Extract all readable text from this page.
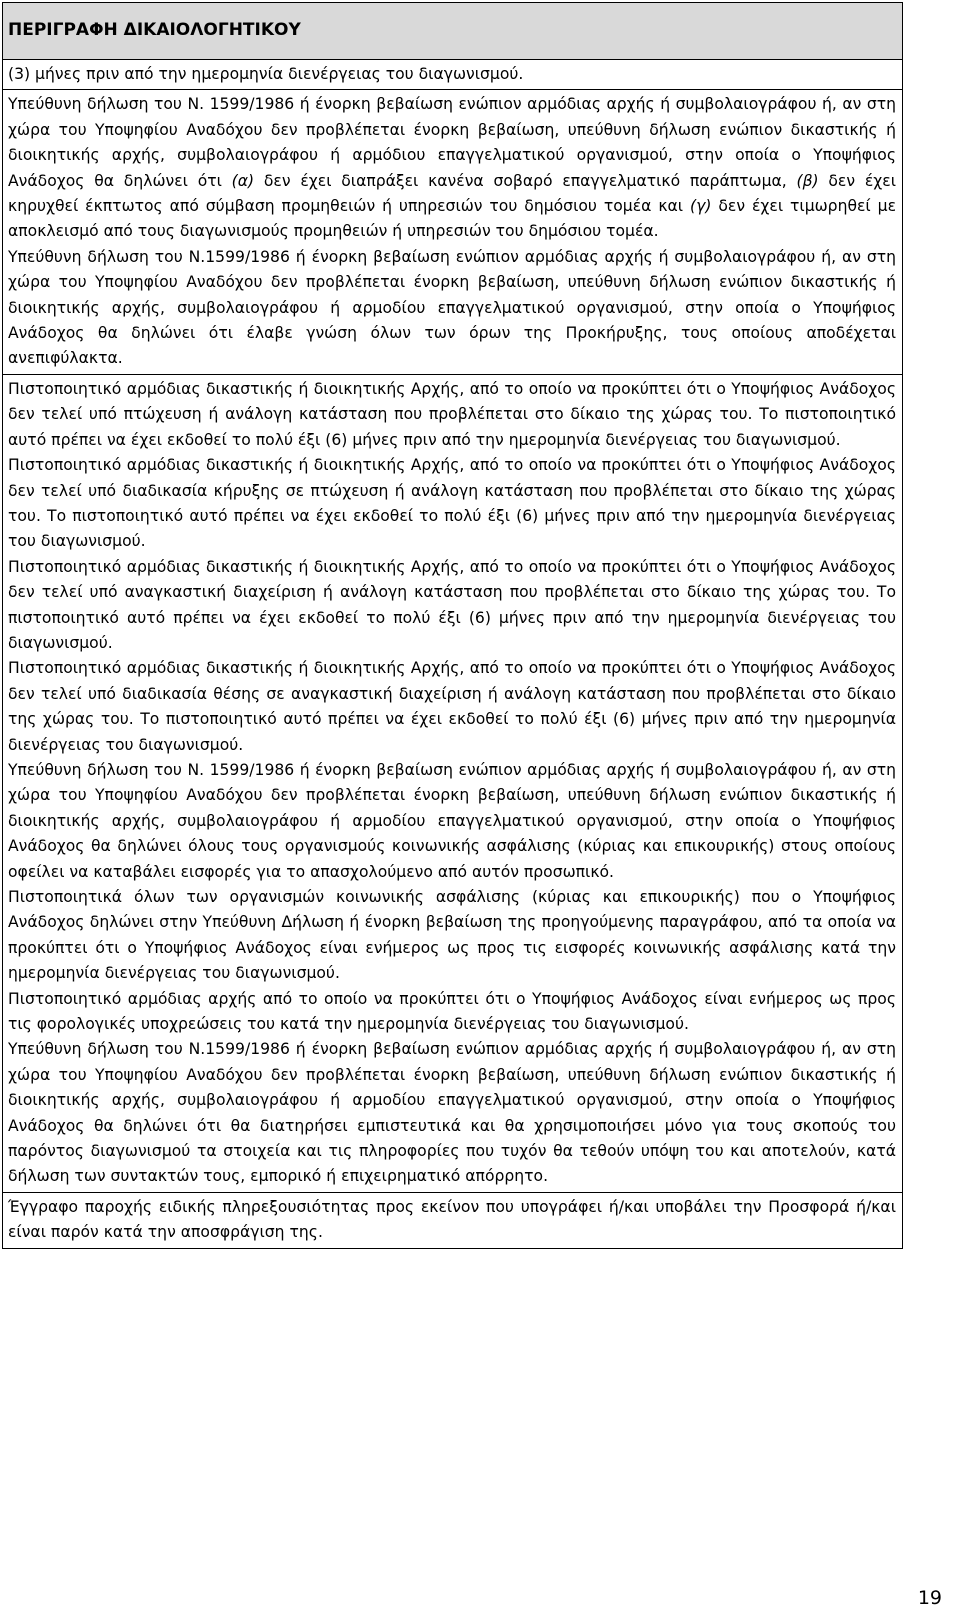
ΠΕΡΙΓΡΑΦΗ ΔΙΚΑΙΟΛΟΓΗΤΙΚΟΥ
(3) μήνες πριν από την ημερομηνία διενέργειας του διαγωνισμού.

Υπεύθυνη δήλωση του Ν. 1599/1986 ή ένορκη βεβαίωση ενώπιον αρμόδιας αρχής ή συμβολαιογράφου ή, αν στη χώρα του Υποψηφίου Αναδόχου δεν προβλέπεται ένορκη βεβαίωση, υπεύθυνη δήλωση ενώπιον δικαστικής ή διοικητικής αρχής, συμβολαιογράφου ή αρμόδιου επαγγελματικού οργανισμού, στην οποία ο Υποψήφιος Ανάδοχος θα δηλώνει ότι (α) δεν έχει διαπράξει κανένα σοβαρό επαγγελματικό παράπτωμα, (β) δεν έχει κηρυχθεί έκπτωτος από σύμβαση προμηθειών ή υπηρεσιών του δημόσιου τομέα και (γ) δεν έχει τιμωρηθεί με αποκλεισμό από τους διαγωνισμούς προμηθειών ή υπηρεσιών του δημόσιου τομέα.
Υπεύθυνη δήλωση του Ν.1599/1986 ή ένορκη βεβαίωση ενώπιον αρμόδιας αρχής ή συμβολαιογράφου ή, αν στη χώρα του Υποψηφίου Αναδόχου δεν προβλέπεται ένορκη βεβαίωση, υπεύθυνη δήλωση ενώπιον δικαστικής ή διοικητικής αρχής, συμβολαιογράφου ή αρμοδίου επαγγελματικού οργανισμού, στην οποία ο Υποψήφιος Ανάδοχος θα δηλώνει ότι έλαβε γνώση όλων των όρων της Προκήρυξης, τους οποίους αποδέχεται ανεπιφύλακτα.

Πιστοποιητικό αρμόδιας δικαστικής ή διοικητικής Αρχής, από το οποίο να προκύπτει ότι ο Υποψήφιος Ανάδοχος δεν τελεί υπό πτώχευση ή ανάλογη κατάσταση που προβλέπεται στο δίκαιο της χώρας του. Το πιστοποιητικό αυτό πρέπει να έχει εκδοθεί το πολύ έξι (6) μήνες πριν από την ημερομηνία διενέργειας του διαγωνισμού.
Πιστοποιητικό αρμόδιας δικαστικής ή διοικητικής Αρχής, από το οποίο να προκύπτει ότι ο Υποψήφιος Ανάδοχος δεν τελεί υπό διαδικασία κήρυξης σε πτώχευση ή ανάλογη κατάσταση που προβλέπεται στο δίκαιο της χώρας του. Το πιστοποιητικό αυτό πρέπει να έχει εκδοθεί το πολύ έξι (6) μήνες πριν από την ημερομηνία διενέργειας του διαγωνισμού.
Πιστοποιητικό αρμόδιας δικαστικής ή διοικητικής Αρχής, από το οποίο να προκύπτει ότι ο Υποψήφιος Ανάδοχος δεν τελεί υπό αναγκαστική διαχείριση ή ανάλογη κατάσταση που προβλέπεται στο δίκαιο της χώρας του. Το πιστοποιητικό αυτό πρέπει να έχει εκδοθεί το πολύ έξι (6) μήνες πριν από την ημερομηνία διενέργειας του διαγωνισμού.
Πιστοποιητικό αρμόδιας δικαστικής ή διοικητικής Αρχής, από το οποίο να προκύπτει ότι ο Υποψήφιος Ανάδοχος δεν τελεί υπό διαδικασία θέσης σε αναγκαστική διαχείριση ή ανάλογη κατάσταση που προβλέπεται στο δίκαιο της χώρας του. Το πιστοποιητικό αυτό πρέπει να έχει εκδοθεί το πολύ έξι (6) μήνες πριν από την ημερομηνία διενέργειας του διαγωνισμού.
Υπεύθυνη δήλωση του Ν. 1599/1986 ή ένορκη βεβαίωση ενώπιον αρμόδιας αρχής ή συμβολαιογράφου ή, αν στη χώρα του Υποψηφίου Αναδόχου δεν προβλέπεται ένορκη βεβαίωση, υπεύθυνη δήλωση ενώπιον δικαστικής ή διοικητικής αρχής, συμβολαιογράφου ή αρμοδίου επαγγελματικού οργανισμού, στην οποία ο Υποψήφιος Ανάδοχος θα δηλώνει όλους τους οργανισμούς κοινωνικής ασφάλισης (κύριας και επικουρικής) στους οποίους οφείλει να καταβάλει εισφορές για το απασχολούμενο από αυτόν προσωπικό.
Πιστοποιητικά όλων των οργανισμών κοινωνικής ασφάλισης (κύριας και επικουρικής) που ο Υποψήφιος Ανάδοχος δηλώνει στην Υπεύθυνη Δήλωση ή ένορκη βεβαίωση της προηγούμενης παραγράφου, από τα οποία να προκύπτει ότι ο Υποψήφιος Ανάδοχος είναι ενήμερος ως προς τις εισφορές κοινωνικής ασφάλισης κατά την ημερομηνία διενέργειας του διαγωνισμού.
Πιστοποιητικό αρμόδιας αρχής από το οποίο να προκύπτει ότι ο Υποψήφιος Ανάδοχος είναι ενήμερος ως προς τις φορολογικές υποχρεώσεις του κατά την ημερομηνία διενέργειας του διαγωνισμού.
Υπεύθυνη δήλωση του Ν.1599/1986 ή ένορκη βεβαίωση ενώπιον αρμόδιας αρχής ή συμβολαιογράφου ή, αν στη χώρα του Υποψηφίου Αναδόχου δεν προβλέπεται ένορκη βεβαίωση, υπεύθυνη δήλωση ενώπιον δικαστικής ή διοικητικής αρχής, συμβολαιογράφου ή αρμοδίου επαγγελματικού οργανισμού, στην οποία ο Υποψήφιος Ανάδοχος θα δηλώνει ότι θα διατηρήσει εμπιστευτικά και θα χρησιμοποιήσει μόνο για τους σκοπούς του παρόντος διαγωνισμού τα στοιχεία και τις πληροφορίες που τυχόν θα τεθούν υπόψη του και αποτελούν, κατά δήλωση των συντακτών τους, εμπορικό ή επιχειρηματικό απόρρητο.

Έγγραφο παροχής ειδικής πληρεξουσιότητας προς εκείνον που υπογράφει ή/και υποβάλει την Προσφορά ή/και είναι παρόν κατά την αποσφράγιση της.
19
